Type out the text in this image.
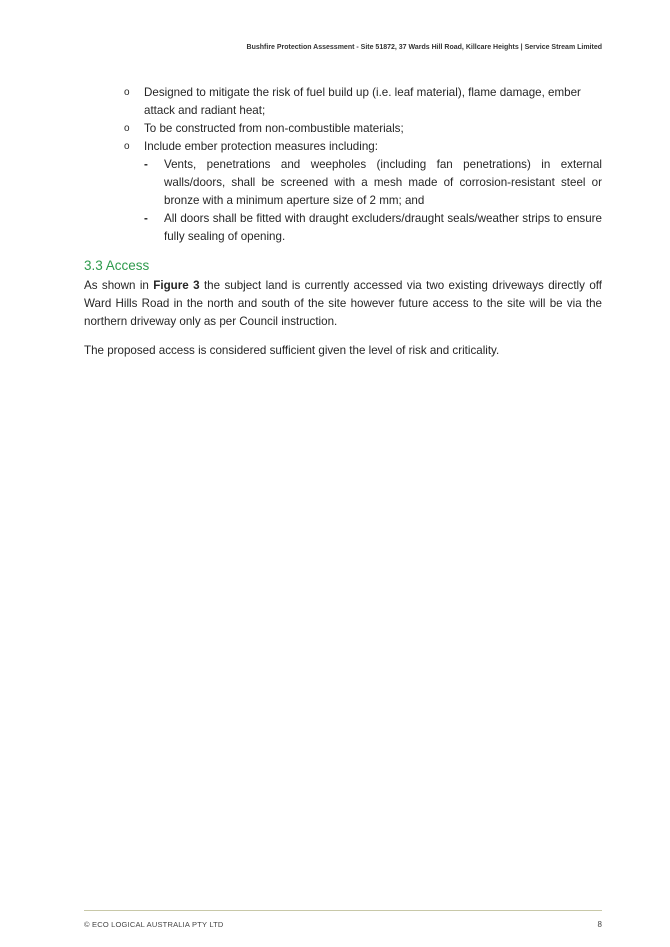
Bushfire Protection Assessment - Site 51872, 37 Wards Hill Road, Killcare Heights | Service Stream Limited
o Designed to mitigate the risk of fuel build up (i.e. leaf material), flame damage, ember attack and radiant heat;
o To be constructed from non-combustible materials;
o Include ember protection measures including:
- Vents, penetrations and weepholes (including fan penetrations) in external walls/doors, shall be screened with a mesh made of corrosion-resistant steel or bronze with a minimum aperture size of 2 mm; and
- All doors shall be fitted with draught excluders/draught seals/weather strips to ensure fully sealing of opening.
3.3 Access

As shown in Figure 3 the subject land is currently accessed via two existing driveways directly off Ward Hills Road in the north and south of the site however future access to the site will be via the northern driveway only as per Council instruction.

The proposed access is considered sufficient given the level of risk and criticality.

© ECO LOGICAL AUSTRALIA PTY LTD	8
